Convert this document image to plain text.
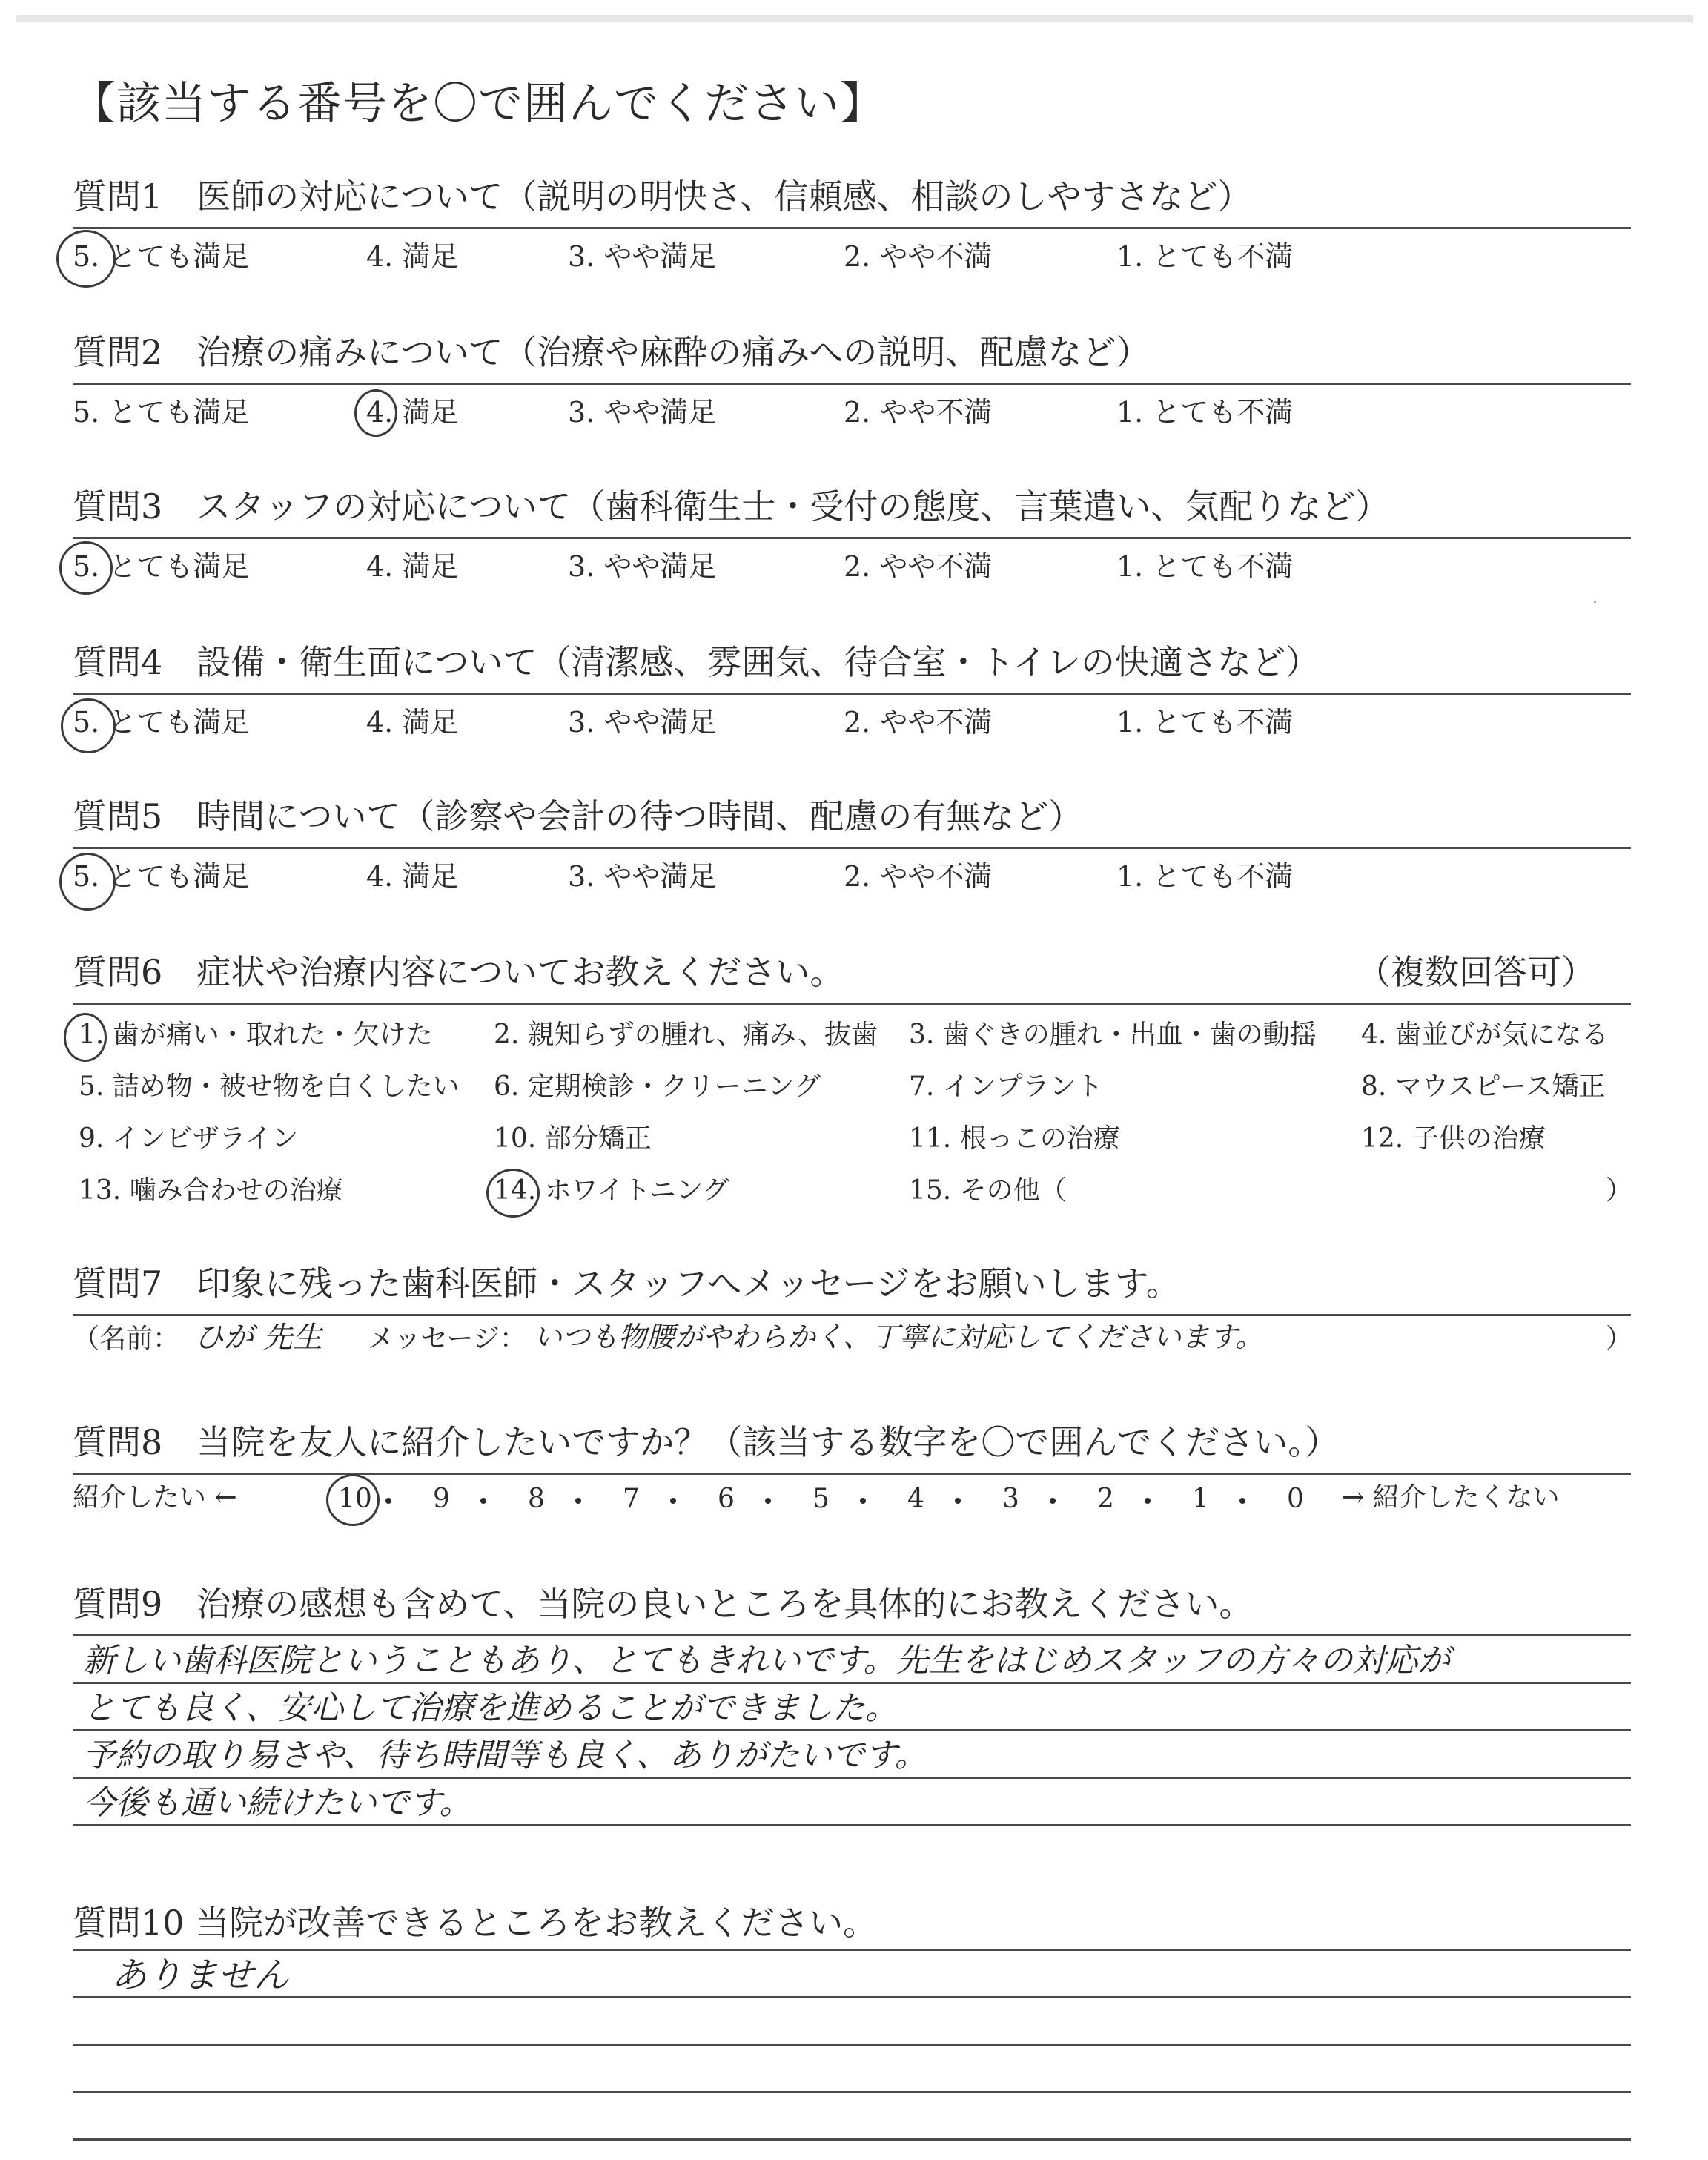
【該当する番号を〇で囲んでください】
質問1　医師の対応について（説明の明快さ、信頼感、相談のしやすさなど）
5. とても満足	4. 満足	3. やや満足	2. やや不満	1. とても不満
質問2　治療の痛みについて（治療や麻酔の痛みへの説明、配慮など）
5. とても満足	4. 満足	3. やや満足	2. やや不満	1. とても不満
質問3　スタッフの対応について（歯科衛生士・受付の態度、言葉遣い、気配りなど）
5. とても満足	4. 満足	3. やや満足	2. やや不満	1. とても不満
質問4　設備・衛生面について（清潔感、雰囲気、待合室・トイレの快適さなど）
5. とても満足	4. 満足	3. やや満足	2. やや不満	1. とても不満
質問5　時間について（診察や会計の待つ時間、配慮の有無など）
5. とても満足	4. 満足	3. やや満足	2. やや不満	1. とても不満
質問6　症状や治療内容についてお教えください。	（複数回答可）
1. 歯が痛い・取れた・欠けた 2. 親知らずの腫れ、痛み、抜歯 3. 歯ぐきの腫れ・出血・歯の動揺 4. 歯並びが気になる
5. 詰め物・被せ物を白くしたい 6. 定期検診・クリーニング	7. インプラント	8. マウスピース矯正
9. インビザライン	10. 部分矯正	11. 根っこの治療	12. 子供の治療
13. 噛み合わせの治療	14. ホワイトニング	15. その他（	）
質問7　印象に残った歯科医師・スタッフへメッセージをお願いします。
（名前： ひが 先生 メッセージ： いつも物腰がやわらかく、丁寧に対応してくださいます。	）
質問8　当院を友人に紹介したいですか？（該当する数字を〇で囲んでください。）
紹介したい ←	→ 紹介したくない
10 9	8	7	6	5	4	3	2	1	0
質問9　治療の感想も含めて、当院の良いところを具体的にお教えください。
新しい歯科医院ということもあり、とてもきれいです。先生をはじめスタッフの方々の対応が
とても良く、安心して治療を進めることができました。
予約の取り易さや、待ち時間等も良く、ありがたいです。
今後も通い続けたいです。
質問10 当院が改善できるところをお教えください。
ありません
